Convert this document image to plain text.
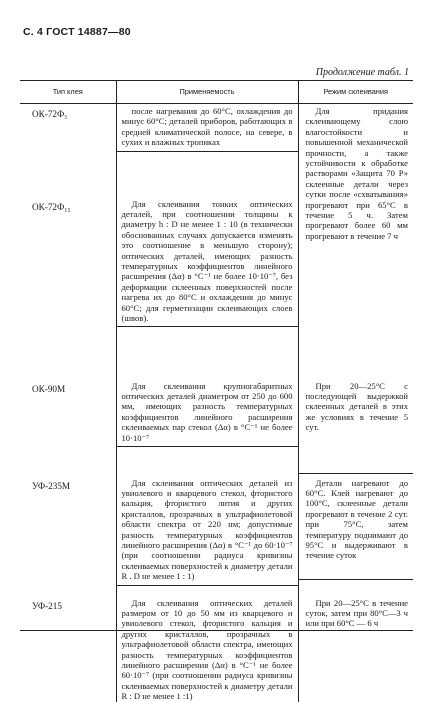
С. 4 ГОСТ 14887—80
Продолжение табл. 1
Тип клея	Применяемость	Режим склеивания
ОК-72Ф₅	после нагревания до 60°С, охлаждения до минус 60°С; деталей приборов, работающих в средней климатической полосе, на севере, в сухих и влажных тропиках	Для придания склеивающему слою влагостойкости и повышенной механической прочности, а также устойчивости к обработке растворами «Защита 70 Р» склеенные детали через сутки после «схватывания» прогревают при 65°С в течение 5 ч. Затем прогревают более 60 мм прогревают в течение 7 ч

ОК-72Ф₁₅	Для склеивания тонких оптических деталей, при соотношении толщины к диаметру h : D не менее 1 : 10 (в технически обоснованных случаях допускается изменять это соотношение в меньшую сторону); оптических деталей, имеющих разность температурных коэффициентов линейного расширения (Δα) в °С⁻¹ не более 10·10⁻⁷, без деформации склеенных поверхностей после нагрева их до 80°С и охлаждения до минус 60°С; для герметизации склеивающих слоев (швов).	

ОК-90М	Для склеивания крупногабаритных оптических деталей диаметром от 250 до 600 мм, имеющих разность температурных коэффициентов линейного расширения склеиваемых пар стекол (Δα) в °С⁻¹ не более 10·10⁻⁷	При 20—25°С с последующей выдержкой склеенных деталей в этих же условиях в течение 5 сут.

УФ-235М	Для склеивания оптических деталей из увиолевого и кварцевого стекол, фтористого кальция, фтористого лития и других кристаллов, прозрачных в ультрафиолетовой области спектра от 220 нм; допустимые разность температурных коэффициентов линейного расширения (Δα) в °С⁻¹ до 60·10⁻⁷ (при соотношении радиуса кривизны склеиваемых поверхностей к диаметру детали R . D не менее 1 : 1)	Детали нагревают до 60°С. Клей нагревают до 100°С, склеенные детали прогревают в течение 2 сут. при 75°С, затем температуру поднимают до 95°С и выдерживают в течение суток

УФ-215	Для склеивания оптических деталей размером от 10 до 50 мм из кварцевого и увиолевого стекол, фтористого кальция и других кристаллов, прозрачных в ультрафиолетовой области спектра, имеющих разность температурных коэффициентов линейного расширения (Δα) в °С⁻¹ не более 60·10⁻⁷ (при соотношении радиуса кривизны склеиваемых поверхностей к диаметру детали R : D не менее 1 :1)	При 20—25°С в течение суток, затем при 80°С—3 ч или при 60°С — 6 ч
